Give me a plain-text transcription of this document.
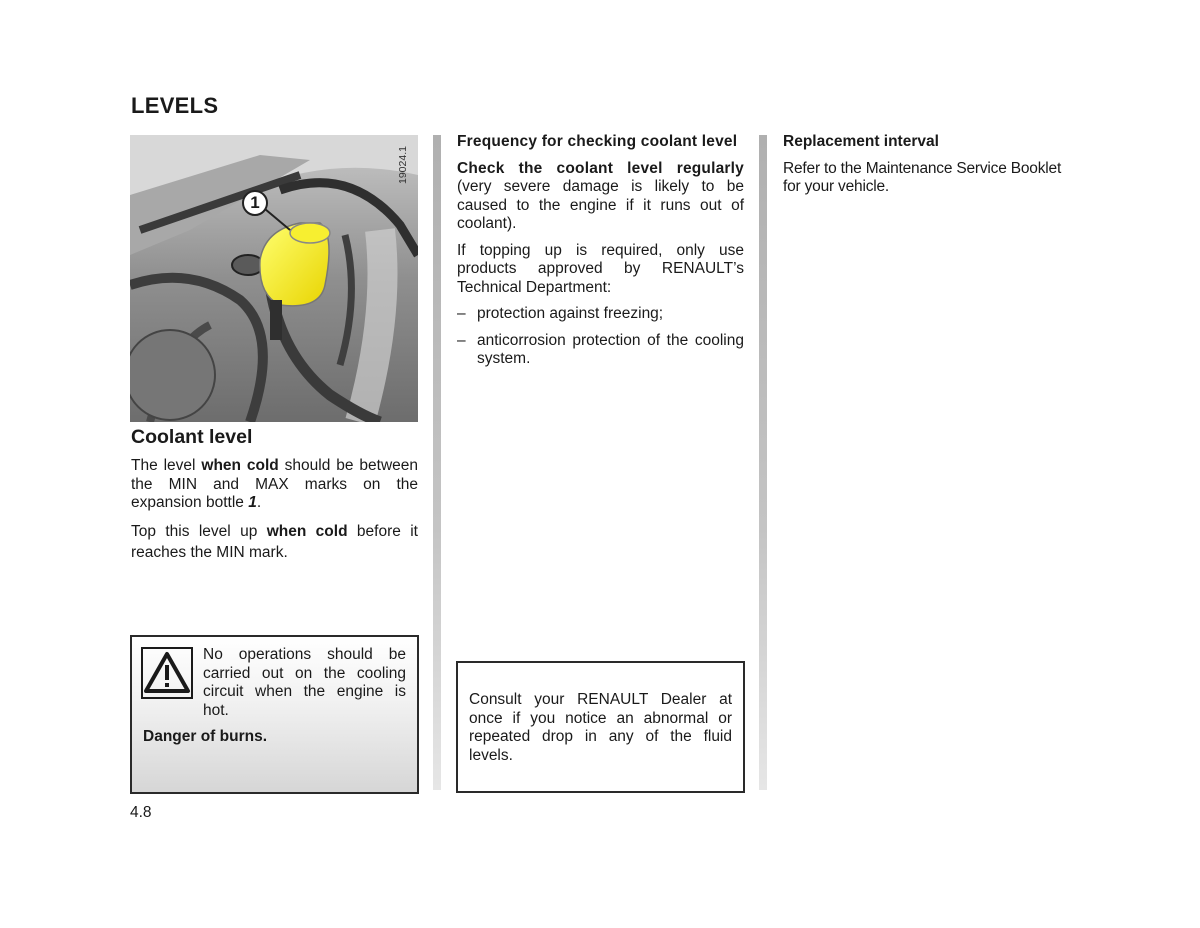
LEVELS
1
19024.1
Coolant level

The level when cold should be between the MIN and MAX marks on the expansion bottle 1.

Top this level up when cold before it reaches the MIN mark.

No operations should be carried out on the cooling circuit when the engine is hot.
Danger of burns.

Frequency for checking coolant level

Check the coolant level regularly (very severe damage is likely to be caused to the engine if it runs out of coolant).

If topping up is required, only use products approved by RENAULT’s Technical Department:

– protection against freezing;
– anticorrosion protection of the cooling system.
Consult your RENAULT Dealer at once if you notice an abnormal or repeated drop in any of the fluid levels.

Replacement interval

Refer to the Maintenance Service Booklet for your vehicle.

4.8
